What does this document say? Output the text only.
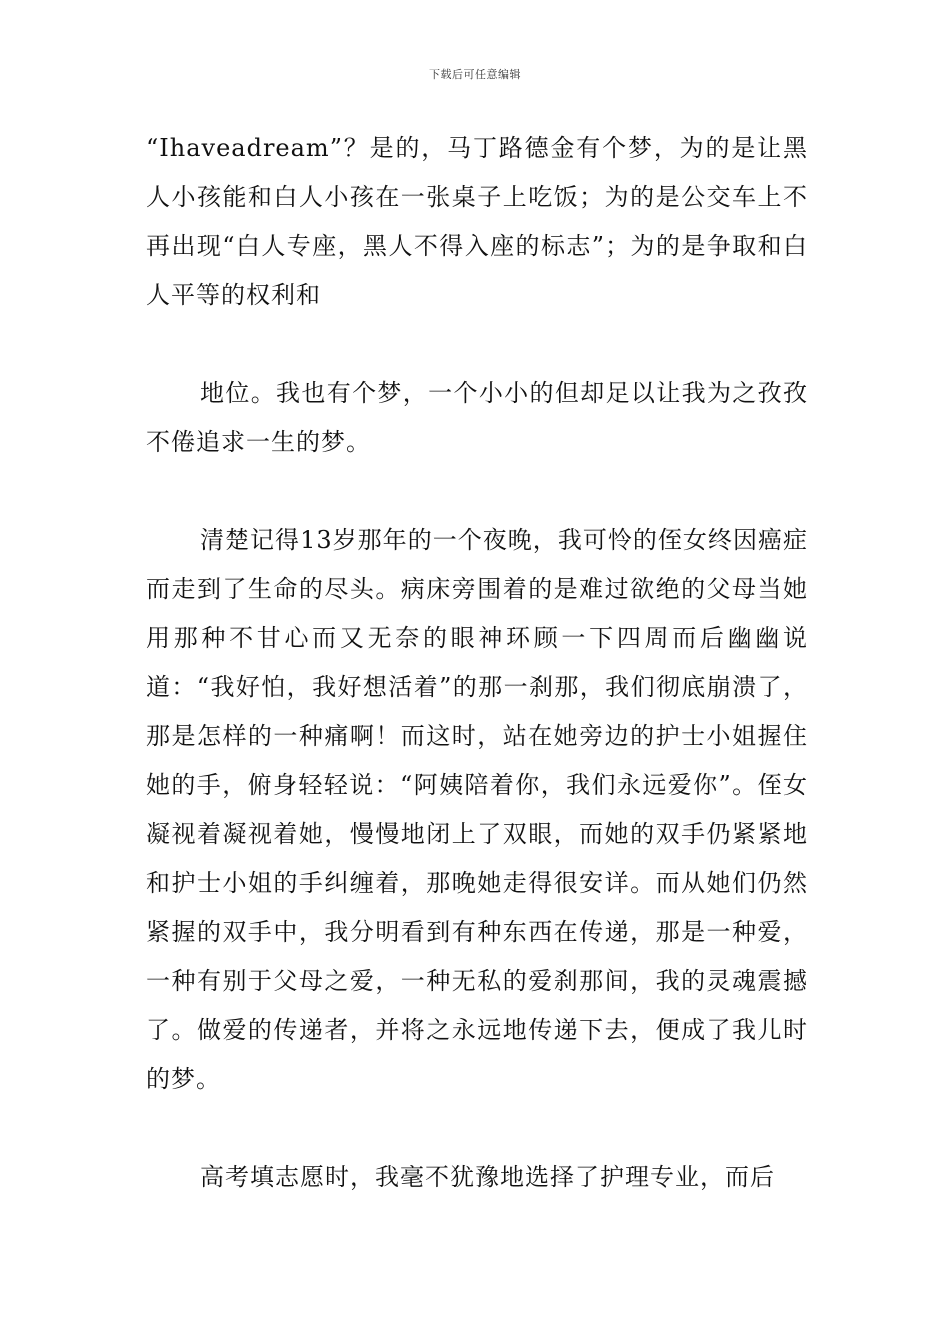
下载后可任意编辑

“Ihaveadream”？是的，马丁路德金有个梦，为的是让黑人小孩能和白人小孩在一张桌子上吃饭；为的是公交车上不再出现“白人专座，黑人不得入座的标志”；为的是争取和白人平等的权利和

地位。我也有个梦，一个小小的但却足以让我为之孜孜不倦追求一生的梦。

清楚记得13岁那年的一个夜晚，我可怜的侄女终因癌症而走到了生命的尽头。病床旁围着的是难过欲绝的父母当她用那种不甘心而又无奈的眼神环顾一下四周而后幽幽说道：“我好怕，我好想活着”的那一刹那，我们彻底崩溃了，那是怎样的一种痛啊！而这时，站在她旁边的护士小姐握住她的手，俯身轻轻说：“阿姨陪着你，我们永远爱你”。侄女凝视着凝视着她，慢慢地闭上了双眼，而她的双手仍紧紧地和护士小姐的手纠缠着，那晚她走得很安详。而从她们仍然紧握的双手中，我分明看到有种东西在传递，那是一种爱，一种有别于父母之爱，一种无私的爱刹那间，我的灵魂震撼了。做爱的传递者，并将之永远地传递下去，便成了我儿时的梦。

高考填志愿时，我毫不犹豫地选择了护理专业，而后
